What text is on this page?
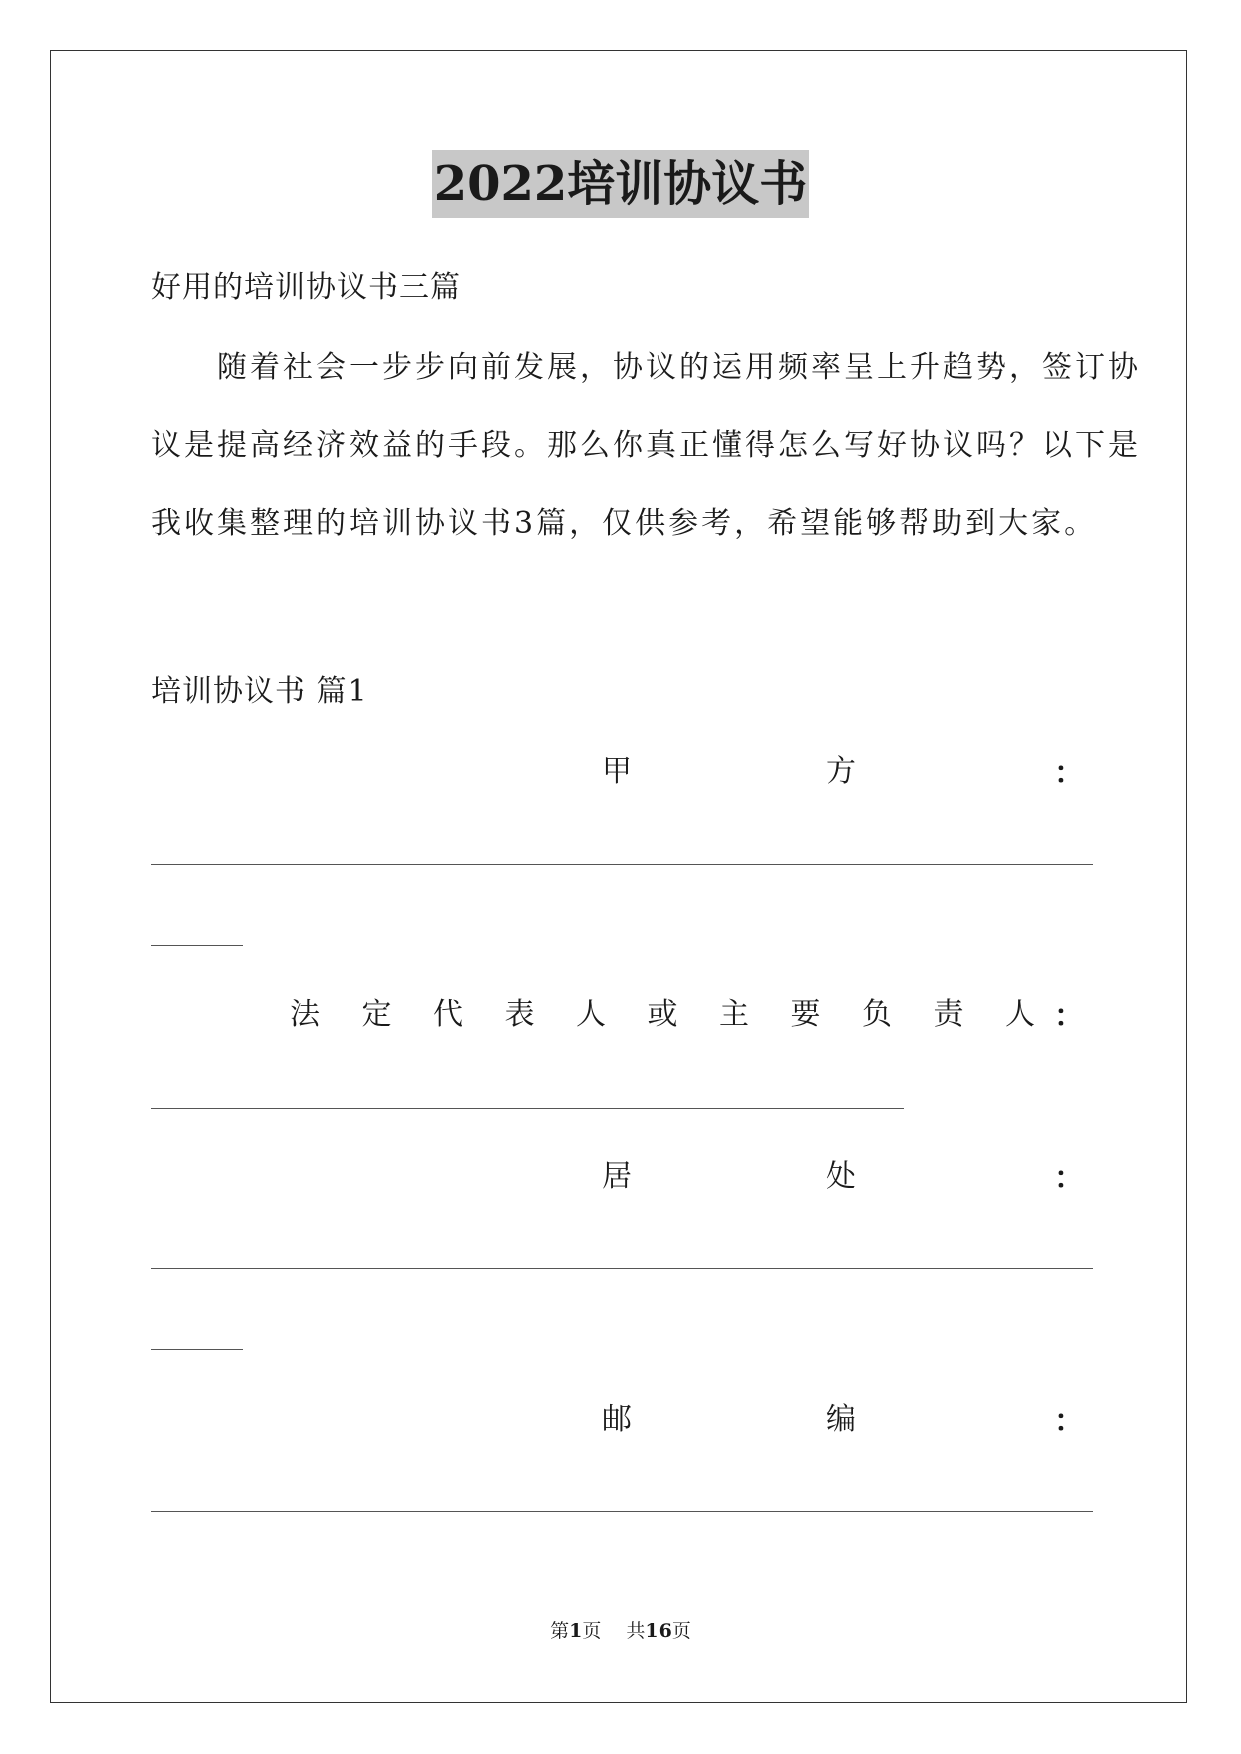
2022培训协议书
好用的培训协议书三篇
　　随着社会一步步向前发展，协议的运用频率呈上升趋势，签订协
议是提高经济效益的手段。那么你真正懂得怎么写好协议吗？以下是
我收集整理的培训协议书3篇，仅供参考，希望能够帮助到大家。
培训协议书 篇1
甲	方	：
法 定 代 表 人 或 主 要 负 责 人 ：
居	处	：
邮	编	：
第1页 　 共16页
